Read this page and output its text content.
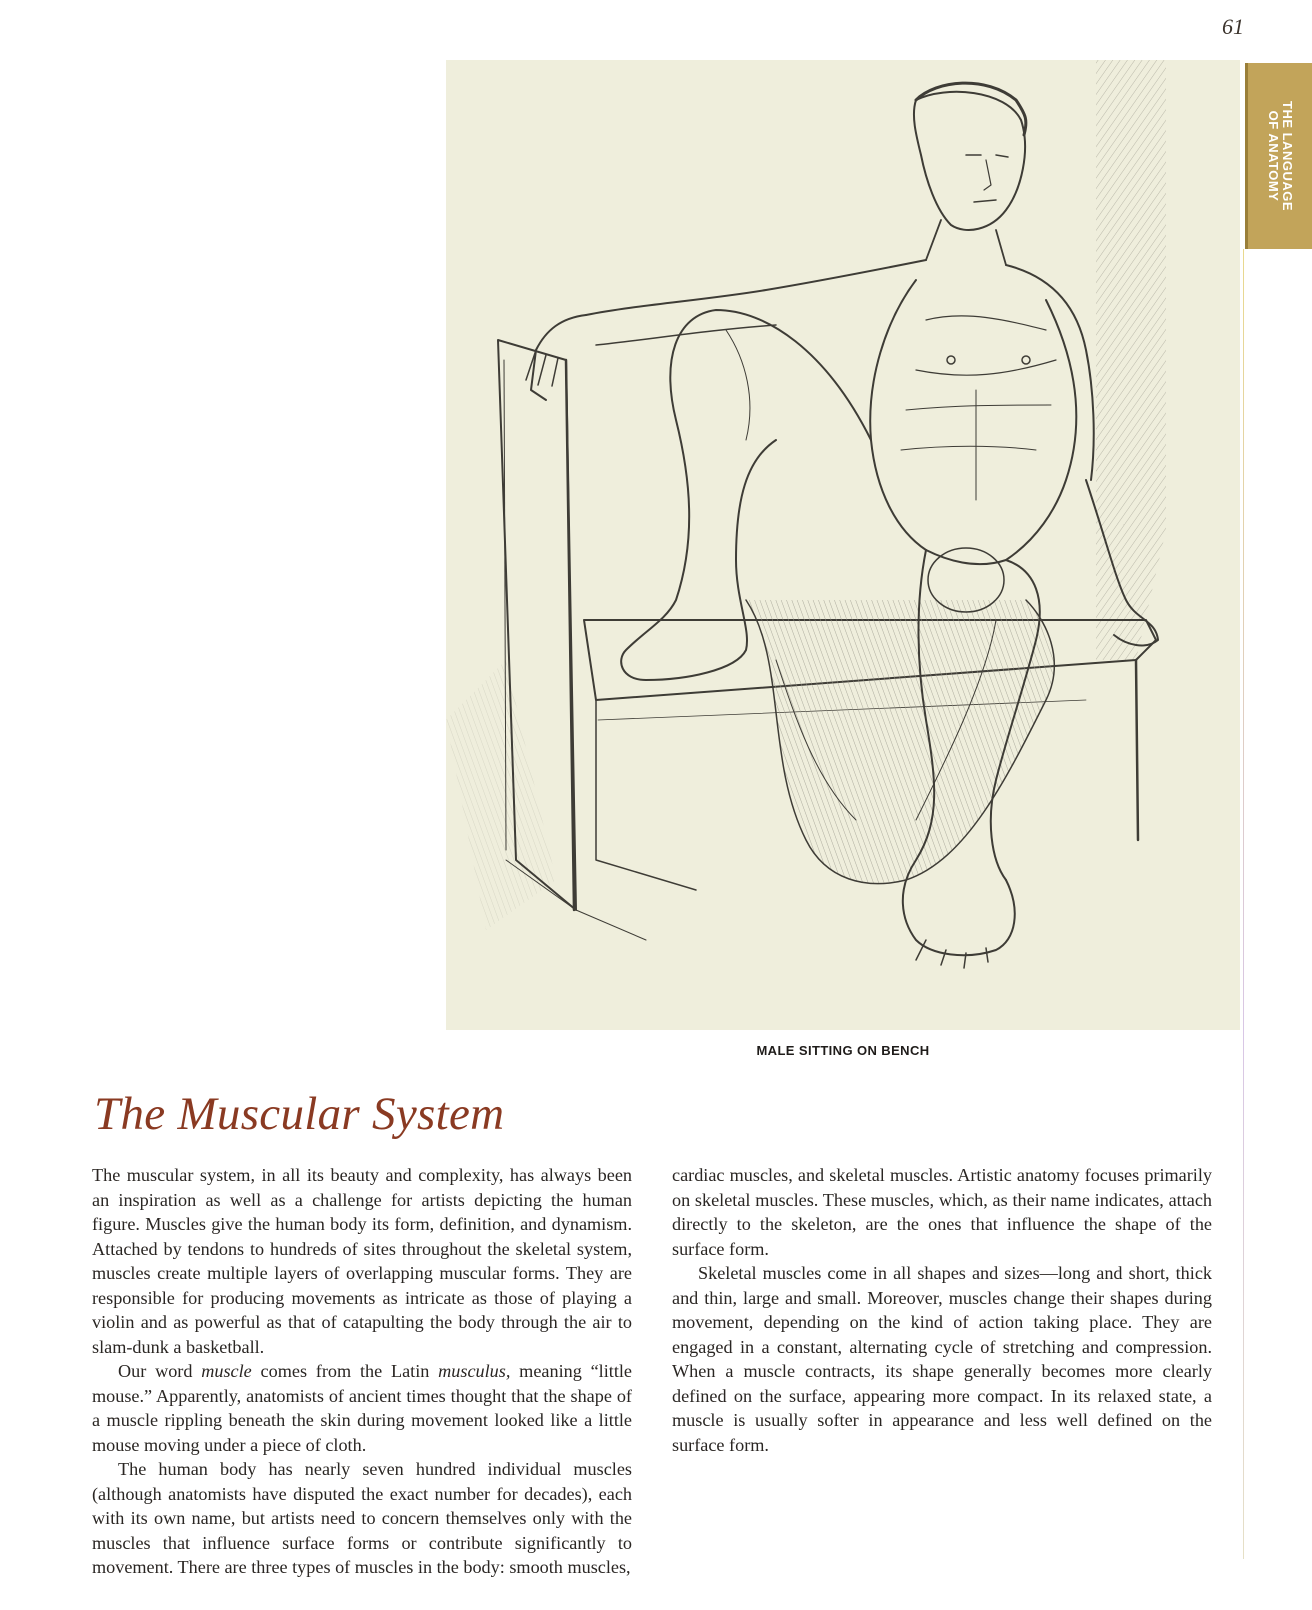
61
THE LANGUAGE
OF ANATOMY
MALE SITTING ON BENCH
The Muscular System

The muscular system, in all its beauty and complexity, has always been an inspiration as well as a challenge for artists depicting the human figure. Muscles give the human body its form, definition, and dynamism. Attached by tendons to hundreds of sites throughout the skeletal system, muscles create multiple layers of overlapping muscular forms. They are responsible for producing movements as intricate as those of playing a violin and as powerful as that of catapulting the body through the air to slam-dunk a basketball.

Our word muscle comes from the Latin musculus, meaning “little mouse.” Apparently, anatomists of ancient times thought that the shape of a muscle rippling beneath the skin during movement looked like a little mouse moving under a piece of cloth.

The human body has nearly seven hundred individual muscles (although anatomists have disputed the exact number for decades), each with its own name, but artists need to concern themselves only with the muscles that influence surface forms or contribute significantly to movement. There are three types of muscles in the body: smooth muscles,

cardiac muscles, and skeletal muscles. Artistic anatomy focuses primarily on skeletal muscles. These muscles, which, as their name indicates, attach directly to the skeleton, are the ones that influence the shape of the surface form.

Skeletal muscles come in all shapes and sizes—long and short, thick and thin, large and small. Moreover, muscles change their shapes during movement, depending on the kind of action taking place. They are engaged in a constant, alternating cycle of stretching and compression. When a muscle contracts, its shape generally becomes more clearly defined on the surface, appearing more compact. In its relaxed state, a muscle is usually softer in appearance and less well defined on the surface form.
